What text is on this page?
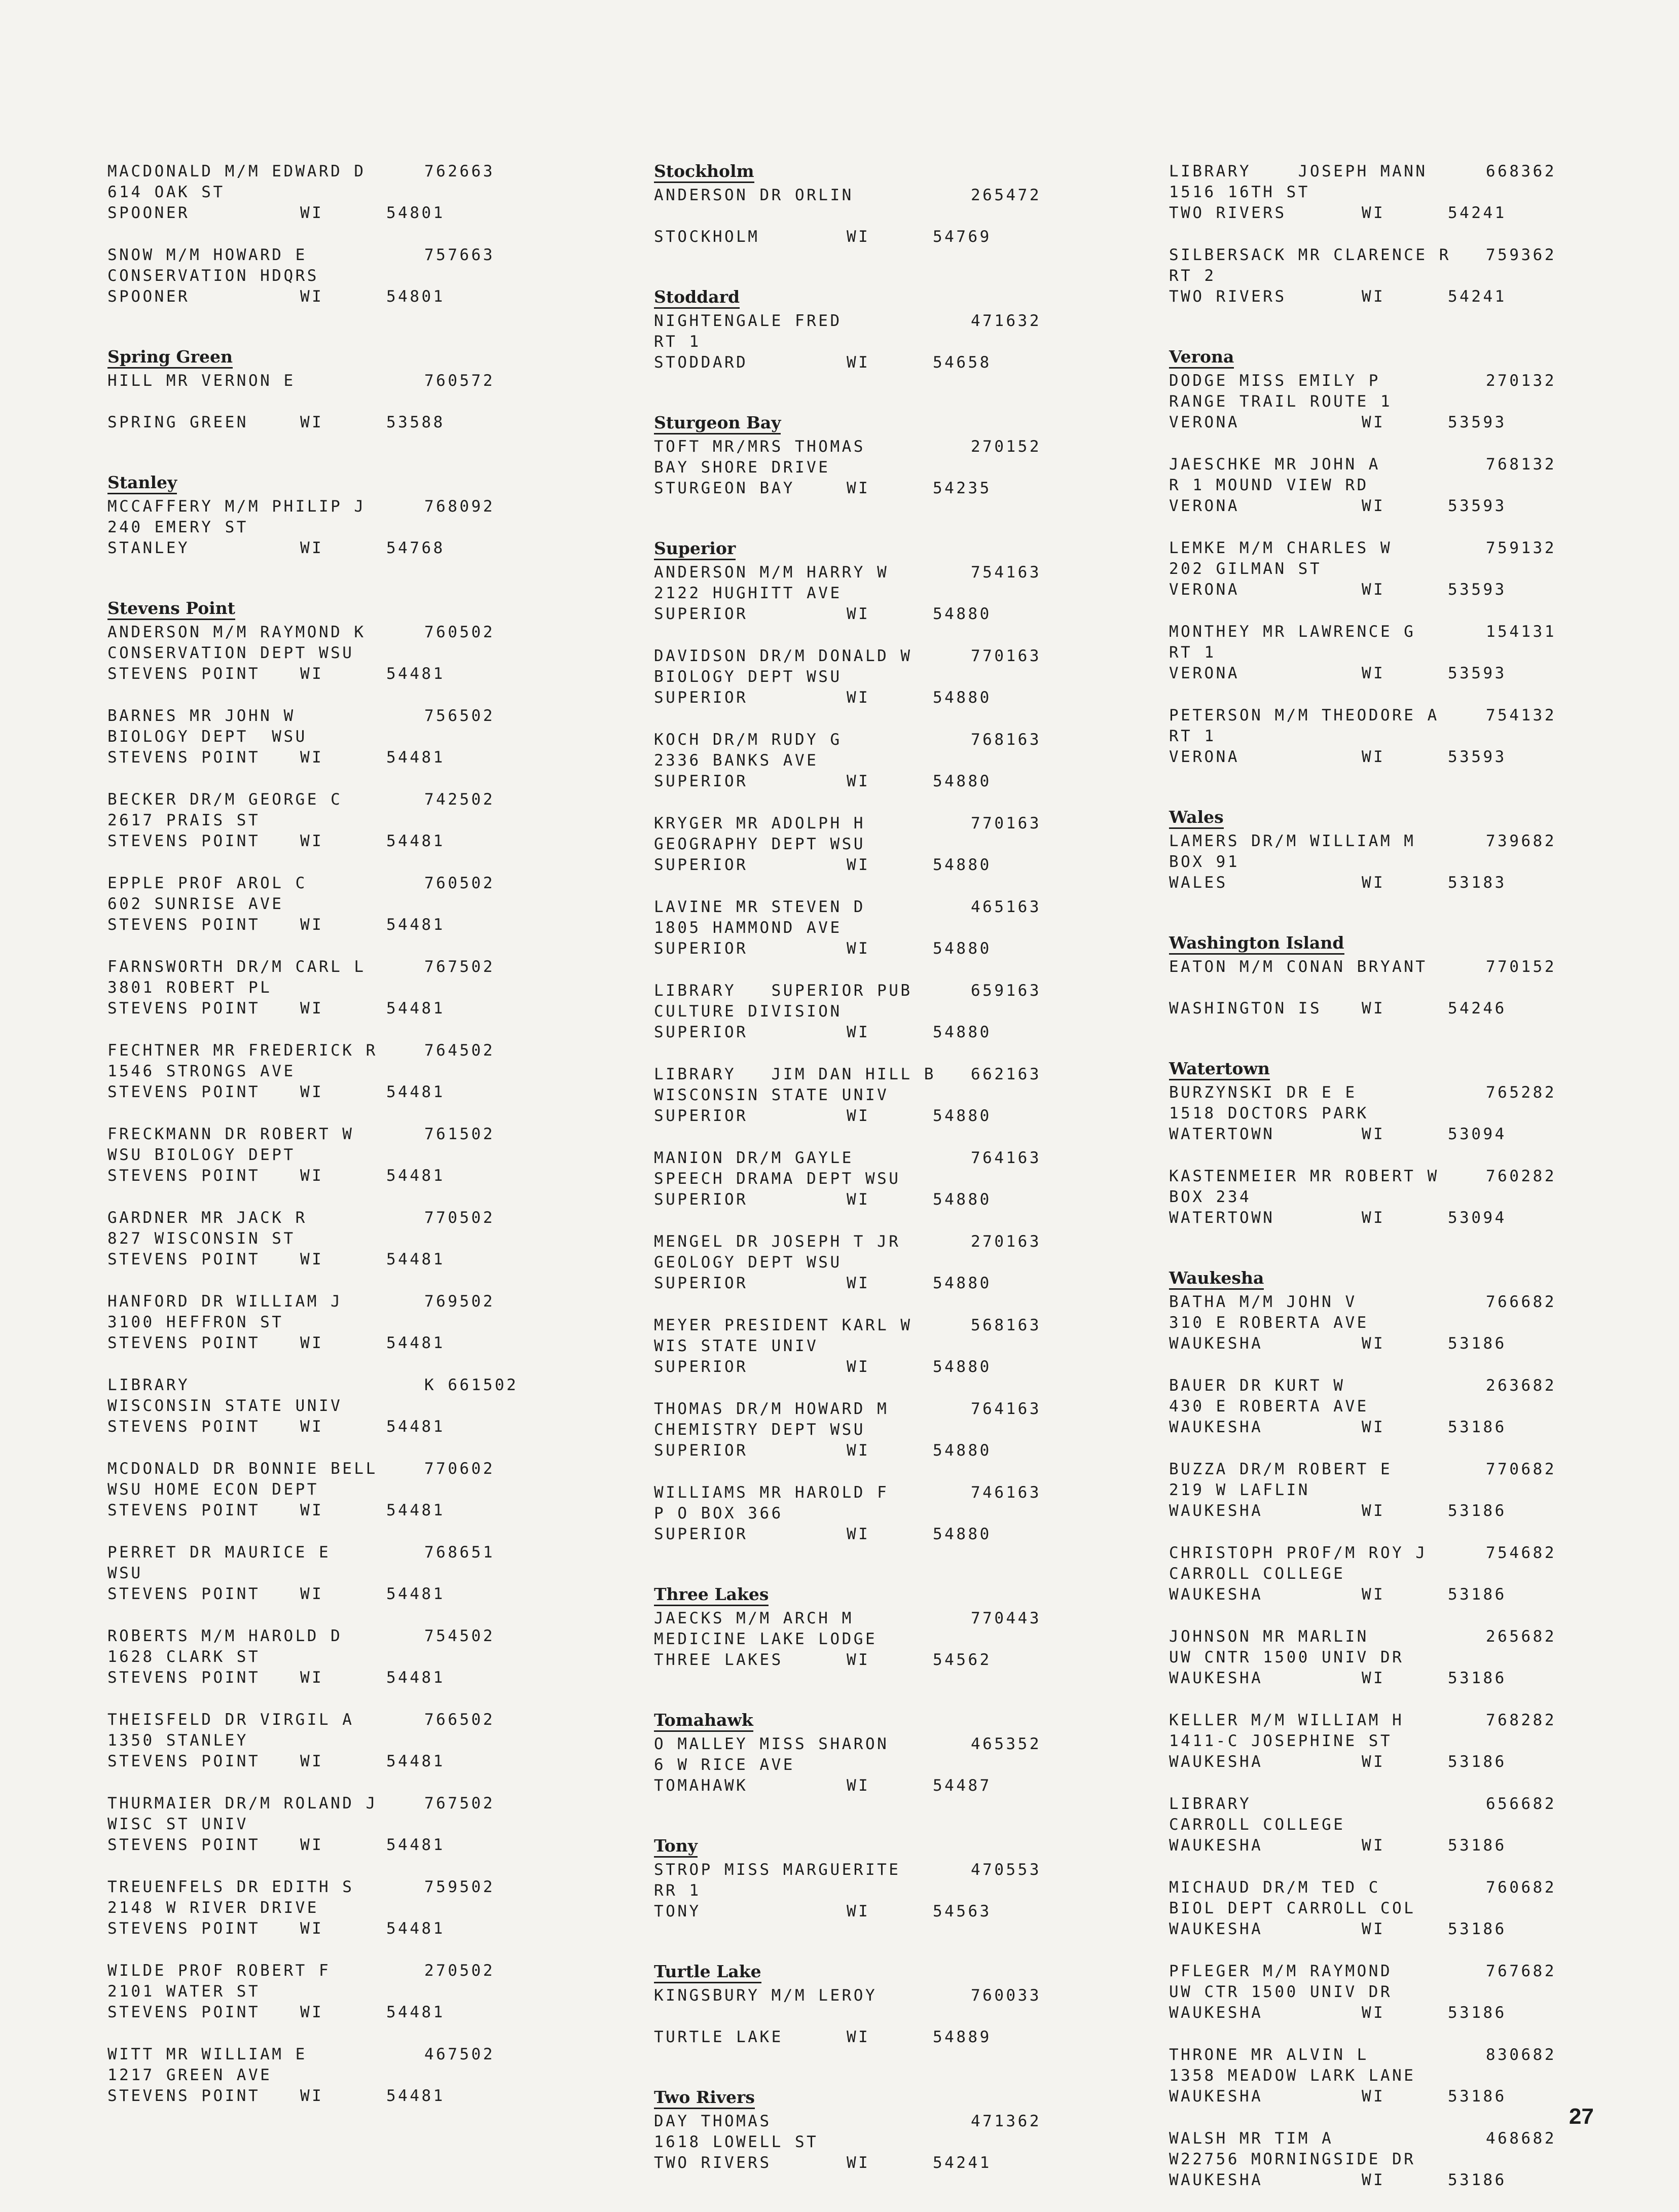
MACDONALD M/M EDWARD D	762663
614 OAK ST
SPOONER	WI	54801
SNOW M/M HOWARD E	757663
CONSERVATION HDQRS
SPOONER	WI	54801
Spring Green
HILL MR VERNON E	760572
SPRING GREEN	WI	53588
Stanley
MCCAFFERY M/M PHILIP J	768092
240 EMERY ST
STANLEY	WI	54768
Stevens Point
ANDERSON M/M RAYMOND K	760502
CONSERVATION DEPT WSU
STEVENS POINT	WI	54481
BARNES MR JOHN W	756502
BIOLOGY DEPT  WSU
STEVENS POINT	WI	54481
BECKER DR/M GEORGE C	742502
2617 PRAIS ST
STEVENS POINT	WI	54481
EPPLE PROF AROL C	760502
602 SUNRISE AVE
STEVENS POINT	WI	54481
FARNSWORTH DR/M CARL L	767502
3801 ROBERT PL
STEVENS POINT	WI	54481
FECHTNER MR FREDERICK R	764502
1546 STRONGS AVE
STEVENS POINT	WI	54481
FRECKMANN DR ROBERT W	761502
WSU BIOLOGY DEPT
STEVENS POINT	WI	54481
GARDNER MR JACK R	770502
827 WISCONSIN ST
STEVENS POINT	WI	54481
HANFORD DR WILLIAM J	769502
3100 HEFFRON ST
STEVENS POINT	WI	54481
LIBRARY	K 661502
WISCONSIN STATE UNIV
STEVENS POINT	WI	54481
MCDONALD DR BONNIE BELL	770602
WSU HOME ECON DEPT
STEVENS POINT	WI	54481
PERRET DR MAURICE E	768651
WSU
STEVENS POINT	WI	54481
ROBERTS M/M HAROLD D	754502
1628 CLARK ST
STEVENS POINT	WI	54481
THEISFELD DR VIRGIL A	766502
1350 STANLEY
STEVENS POINT	WI	54481
THURMAIER DR/M ROLAND J	767502
WISC ST UNIV
STEVENS POINT	WI	54481
TREUENFELS DR EDITH S	759502
2148 W RIVER DRIVE
STEVENS POINT	WI	54481
WILDE PROF ROBERT F	270502
2101 WATER ST
STEVENS POINT	WI	54481
WITT MR WILLIAM E	467502
1217 GREEN AVE
STEVENS POINT	WI	54481
Stockholm
ANDERSON DR ORLIN	265472
STOCKHOLM	WI	54769
Stoddard
NIGHTENGALE FRED	471632
RT 1
STODDARD	WI	54658
Sturgeon Bay
TOFT MR/MRS THOMAS	270152
BAY SHORE DRIVE
STURGEON BAY	WI	54235
Superior
ANDERSON M/M HARRY W	754163
2122 HUGHITT AVE
SUPERIOR	WI	54880
DAVIDSON DR/M DONALD W	770163
BIOLOGY DEPT WSU
SUPERIOR	WI	54880
KOCH DR/M RUDY G	768163
2336 BANKS AVE
SUPERIOR	WI	54880
KRYGER MR ADOLPH H	770163
GEOGRAPHY DEPT WSU
SUPERIOR	WI	54880
LAVINE MR STEVEN D	465163
1805 HAMMOND AVE
SUPERIOR	WI	54880
LIBRARY   SUPERIOR PUB	659163
CULTURE DIVISION
SUPERIOR	WI	54880
LIBRARY   JIM DAN HILL B 662163
WISCONSIN STATE UNIV
SUPERIOR	WI	54880
MANION DR/M GAYLE	764163
SPEECH DRAMA DEPT WSU
SUPERIOR	WI	54880
MENGEL DR JOSEPH T JR	270163
GEOLOGY DEPT WSU
SUPERIOR	WI	54880
MEYER PRESIDENT KARL W	568163
WIS STATE UNIV
SUPERIOR	WI	54880
THOMAS DR/M HOWARD M	764163
CHEMISTRY DEPT WSU
SUPERIOR	WI	54880
WILLIAMS MR HAROLD F	746163
P O BOX 366
SUPERIOR	WI	54880
Three Lakes
JAECKS M/M ARCH M	770443
MEDICINE LAKE LODGE
THREE LAKES	WI	54562
Tomahawk
O MALLEY MISS SHARON	465352
6 W RICE AVE
TOMAHAWK	WI	54487
Tony
STROP MISS MARGUERITE	470553
RR 1
TONY	WI	54563
Turtle Lake
KINGSBURY M/M LEROY	760033
TURTLE LAKE	WI	54889
Two Rivers
DAY THOMAS	471362
1618 LOWELL ST
TWO RIVERS	WI	54241
LIBRARY    JOSEPH MANN	668362
1516 16TH ST
TWO RIVERS	WI	54241
SILBERSACK MR CLARENCE R 759362
RT 2
TWO RIVERS	WI	54241
Verona
DODGE MISS EMILY P	270132
RANGE TRAIL ROUTE 1
VERONA	WI	53593
JAESCHKE MR JOHN A	768132
R 1 MOUND VIEW RD
VERONA	WI	53593
LEMKE M/M CHARLES W	759132
202 GILMAN ST
VERONA	WI	53593
MONTHEY MR LAWRENCE G	154131
RT 1
VERONA	WI	53593
PETERSON M/M THEODORE A	754132
RT 1
VERONA	WI	53593
Wales
LAMERS DR/M WILLIAM M	739682
BOX 91
WALES	WI	53183
Washington Island
EATON M/M CONAN BRYANT	770152
WASHINGTON IS	WI	54246
Watertown
BURZYNSKI DR E E	765282
1518 DOCTORS PARK
WATERTOWN	WI	53094
KASTENMEIER MR ROBERT W	760282
BOX 234
WATERTOWN	WI	53094
Waukesha
BATHA M/M JOHN V	766682
310 E ROBERTA AVE
WAUKESHA	WI	53186
BAUER DR KURT W	263682
430 E ROBERTA AVE
WAUKESHA	WI	53186
BUZZA DR/M ROBERT E	770682
219 W LAFLIN
WAUKESHA	WI	53186
CHRISTOPH PROF/M ROY J	754682
CARROLL COLLEGE
WAUKESHA	WI	53186
JOHNSON MR MARLIN	265682
UW CNTR 1500 UNIV DR
WAUKESHA	WI	53186
KELLER M/M WILLIAM H	768282
1411-C JOSEPHINE ST
WAUKESHA	WI	53186
LIBRARY	656682
CARROLL COLLEGE
WAUKESHA	WI	53186
MICHAUD DR/M TED C	760682
BIOL DEPT CARROLL COL
WAUKESHA	WI	53186
PFLEGER M/M RAYMOND	767682
UW CTR 1500 UNIV DR
WAUKESHA	WI	53186
THRONE MR ALVIN L	830682
1358 MEADOW LARK LANE
WAUKESHA	WI	53186
WALSH MR TIM A	468682
W22756 MORNINGSIDE DR
WAUKESHA	WI	53186
27
